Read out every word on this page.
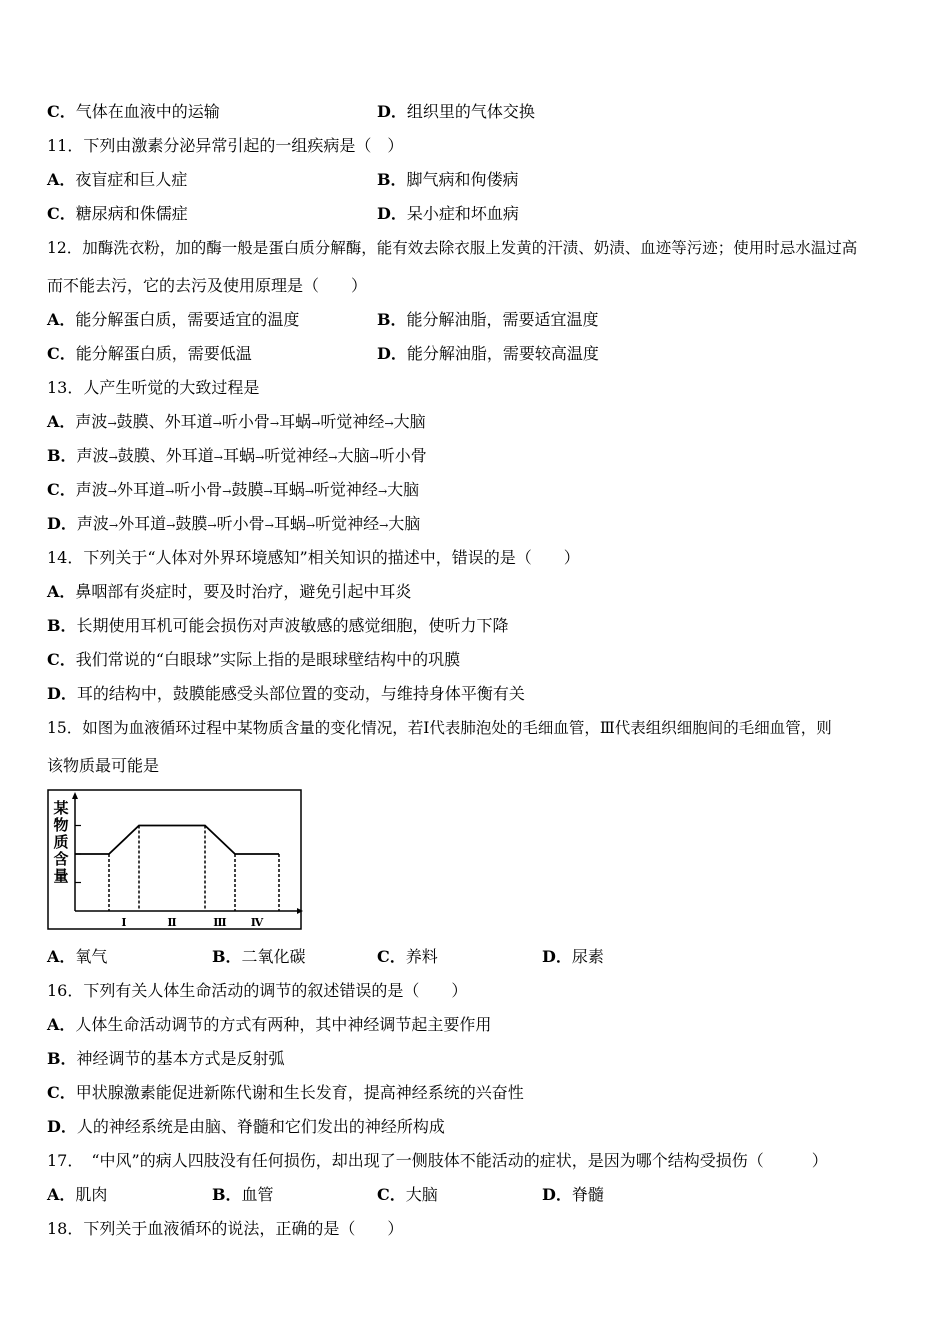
C．气体在血液中的运输	D．组织里的气体交换
11．下列由激素分泌异常引起的一组疾病是（　）
A．夜盲症和巨人症	B．脚气病和佝偻病
C．糖尿病和侏儒症	D．呆小症和坏血病
12．加酶洗衣粉，加的酶一般是蛋白质分解酶，能有效去除衣服上发黄的汗渍、奶渍、血迹等污迹；使用时忌水温过高
而不能去污，它的去污及使用原理是（　　）
A．能分解蛋白质，需要适宜的温度	B．能分解油脂，需要适宜温度
C．能分解蛋白质，需要低温	D．能分解油脂，需要较高温度
13．人产生听觉的大致过程是
A．声波→鼓膜、外耳道→听小骨→耳蜗→听觉神经→大脑
B．声波→鼓膜、外耳道→耳蜗→听觉神经→大脑→听小骨
C．声波→外耳道→听小骨→鼓膜→耳蜗→听觉神经→大脑
D．声波→外耳道→鼓膜→听小骨→耳蜗→听觉神经→大脑
14．下列关于“人体对外界环境感知”相关知识的描述中，错误的是（　　）
A．鼻咽部有炎症时，要及时治疗，避免引起中耳炎
B．长期使用耳机可能会损伤对声波敏感的感觉细胞，使听力下降
C．我们常说的“白眼球”实际上指的是眼球壁结构中的巩膜
D．耳的结构中，鼓膜能感受头部位置的变动，与维持身体平衡有关
15．如图为血液循环过程中某物质含量的变化情况，若Ⅰ代表肺泡处的毛细血管，Ⅲ代表组织细胞间的毛细血管，则
该物质最可能是
某
物
质
含
量
Ⅰ	Ⅱ	Ⅲ Ⅳ
A．氧气	B．二氧化碳	C．养料	D．尿素
16．下列有关人体生命活动的调节的叙述错误的是（　　）
A．人体生命活动调节的方式有两种，其中神经调节起主要作用
B．神经调节的基本方式是反射弧
C．甲状腺激素能促进新陈代谢和生长发育，提高神经系统的兴奋性
D．人的神经系统是由脑、脊髓和它们发出的神经所构成
17．　“中风”的病人四肢没有任何损伤，却出现了一侧肢体不能活动的症状，是因为哪个结构受损伤（　　　）
A．肌肉	B．血管	C．大脑	D．脊髓
18．下列关于血液循环的说法，正确的是（　　）
